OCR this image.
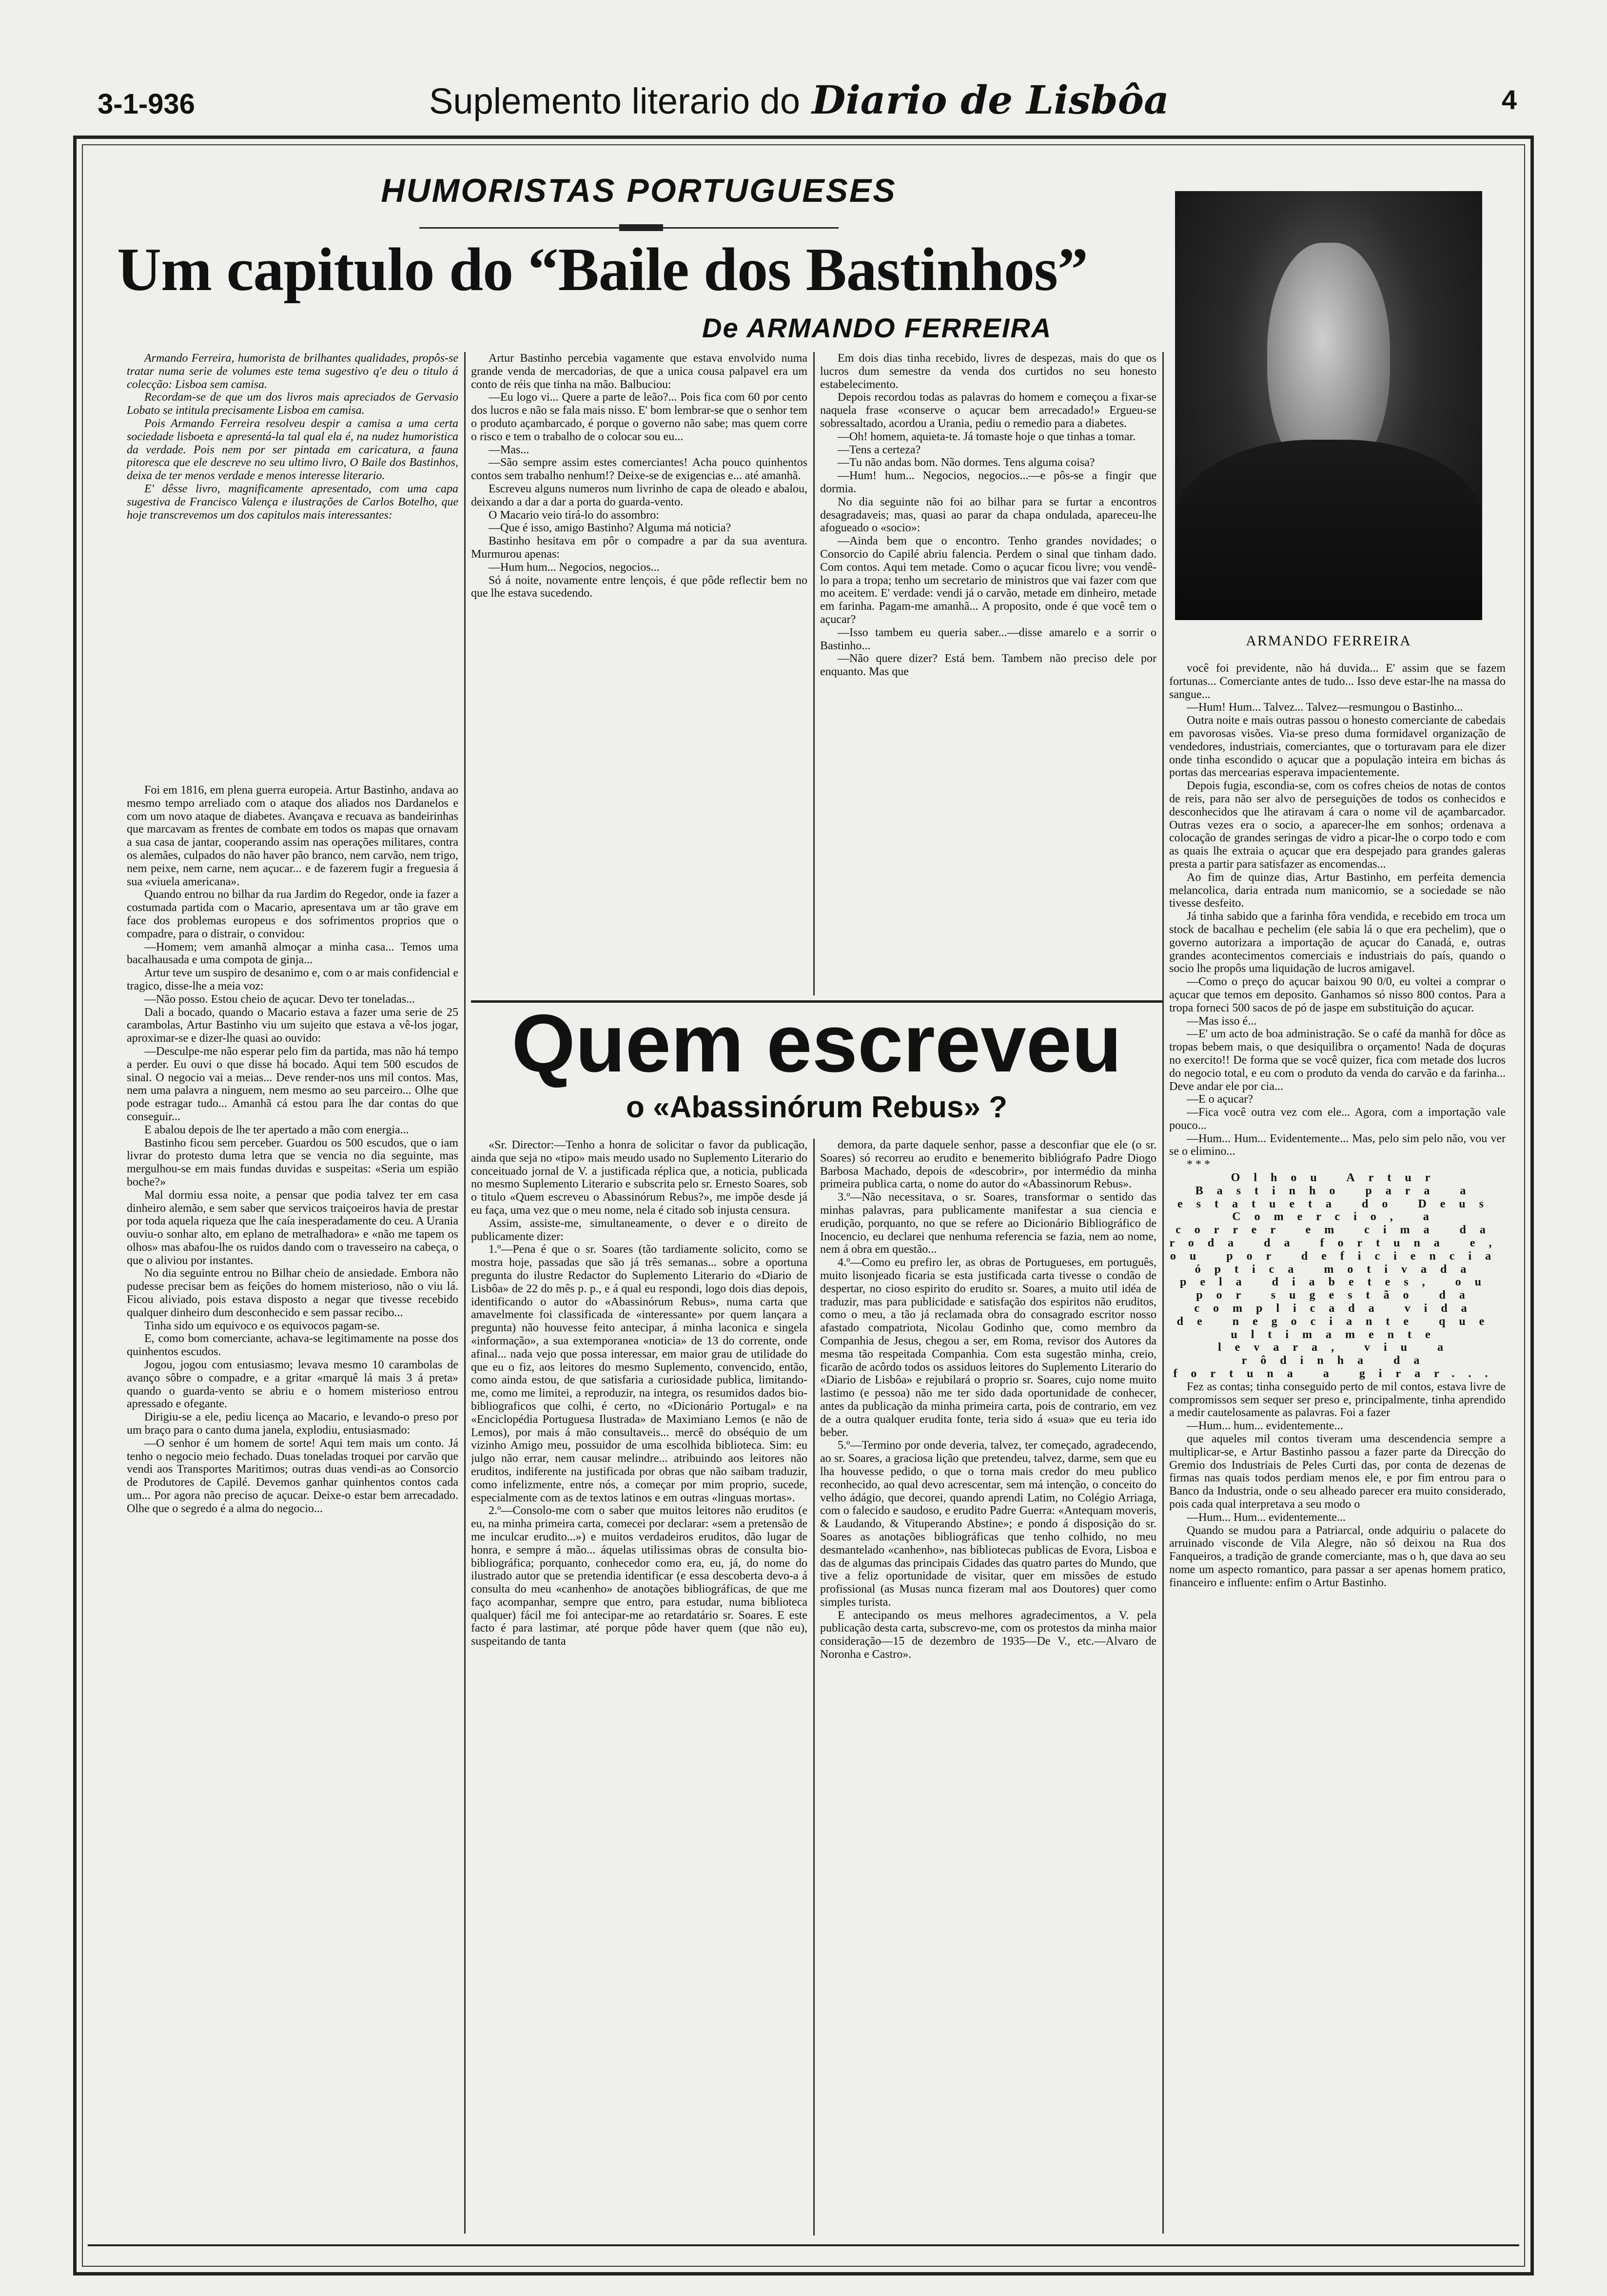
3-1-936	Suplemento literario do Diario de Lisbôa	4
HUMORISTAS PORTUGUESES
Um capitulo do “Baile dos Bastinhos”
De ARMANDO FERREIRA
ARMANDO FERREIRA

Armando Ferreira, humorista de brilhantes qualidades, propôs-se tratar numa serie de volumes este tema sugestivo q'e deu o titulo á colecção: Lisboa sem camisa.

Recordam-se de que um dos livros mais apreciados de Gervasio Lobato se intitula precisamente Lisboa em camisa.

Pois Armando Ferreira resolveu despir a camisa a uma certa sociedade lisboeta e apresentá-la tal qual ela é, na nudez humoristica da verdade. Pois nem por ser pintada em caricatura, a fauna pitoresca que ele descreve no seu ultimo livro, O Baile dos Bastinhos, deixa de ter menos verdade e menos interesse literario.

E' dêsse livro, magnificamente apresentado, com uma capa sugestiva de Francisco Valença e ilustrações de Carlos Botelho, que hoje transcrevemos um dos capitulos mais interessantes:

Foi em 1816, em plena guerra europeia. Artur Bastinho, andava ao mesmo tempo arreliado com o ataque dos aliados nos Dardanelos e com um novo ataque de diabetes. Avançava e recuava as bandeirinhas que marcavam as frentes de combate em todos os mapas que ornavam a sua casa de jantar, cooperando assim nas operações militares, contra os alemães, culpados do não haver pão branco, nem carvão, nem trigo, nem peixe, nem carne, nem açucar... e de fazerem fugir a freguesia á sua «viuela americana».

Quando entrou no bilhar da rua Jardim do Regedor, onde ia fazer a costumada partida com o Macario, apresentava um ar tão grave em face dos problemas europeus e dos sofrimentos proprios que o compadre, para o distrair, o convidou:

—Homem; vem amanhã almoçar a minha casa... Temos uma bacalhausada e uma compota de ginja...

Artur teve um suspiro de desanimo e, com o ar mais confidencial e tragico, disse-lhe a meia voz:

—Não posso. Estou cheio de açucar. Devo ter toneladas...

Dali a bocado, quando o Macario estava a fazer uma serie de 25 carambolas, Artur Bastinho viu um sujeito que estava a vê-los jogar, aproximar-se e dizer-lhe quasi ao ouvido:

—Desculpe-me não esperar pelo fim da partida, mas não há tempo a perder. Eu ouvi o que disse há bocado. Aqui tem 500 escudos de sinal. O negocio vai a meias... Deve render-nos uns mil contos. Mas, nem uma palavra a ninguem, nem mesmo ao seu parceiro... Olhe que pode estragar tudo... Amanhã cá estou para lhe dar contas do que conseguir...

E abalou depois de lhe ter apertado a mão com energia...

Bastinho ficou sem perceber. Guardou os 500 escudos, que o iam livrar do protesto duma letra que se vencia no dia seguinte, mas mergulhou-se em mais fundas duvidas e suspeitas: «Seria um espião boche?»

Mal dormiu essa noite, a pensar que podia talvez ter em casa dinheiro alemão, e sem saber que servicos traiçoeiros havia de prestar por toda aquela riqueza que lhe caía inesperadamente do ceu. A Urania ouviu-o sonhar alto, em eplano de metralhadora» e «não me tapem os olhos» mas abafou-lhe os ruidos dando com o travesseiro na cabeça, o que o aliviou por instantes.

No dia seguinte entrou no Bilhar cheio de ansiedade. Embora não pudesse precisar bem as feições do homem misterioso, não o viu lá. Ficou aliviado, pois estava disposto a negar que tivesse recebido qualquer dinheiro dum desconhecido e sem passar recibo...

Tinha sido um equivoco e os equivocos pagam-se.

E, como bom comerciante, achava-se legitimamente na posse dos quinhentos escudos.

Jogou, jogou com entusiasmo; levava mesmo 10 carambolas de avanço sôbre o compadre, e a gritar «marquê lá mais 3 á preta» quando o guarda-vento se abriu e o homem misterioso entrou apressado e ofegante.

Dirigiu-se a ele, pediu licença ao Macario, e levando-o preso por um braço para o canto duma janela, explodiu, entusiasmado:

—O senhor é um homem de sorte! Aqui tem mais um conto. Já tenho o negocio meio fechado. Duas toneladas troquei por carvão que vendi aos Transportes Maritimos; outras duas vendi-as ao Consorcio de Produtores de Capilé. Devemos ganhar quinhentos contos cada um... Por agora não preciso de açucar. Deixe-o estar bem arrecadado. Olhe que o segredo é a alma do negocio...

Artur Bastinho percebia vagamente que estava envolvido numa grande venda de mercadorias, de que a unica cousa palpavel era um conto de réis que tinha na mão. Balbuciou:

—Eu logo vi... Quere a parte de leão?... Pois fica com 60 por cento dos lucros e não se fala mais nisso. E' bom lembrar-se que o senhor tem o produto açambarcado, é porque o governo não sabe; mas quem corre o risco e tem o trabalho de o colocar sou eu...

—Mas...

—São sempre assim estes comerciantes! Acha pouco quinhentos contos sem trabalho nenhum!? Deixe-se de exigencias e... até amanhã.

Escreveu alguns numeros num livrinho de capa de oleado e abalou, deixando a dar a dar a porta do guarda-vento.

O Macario veio tirá-lo do assombro:

—Que é isso, amigo Bastinho? Alguma má noticia?

Bastinho hesitava em pôr o compadre a par da sua aventura. Murmurou apenas:

—Hum hum... Negocios, negocios...

Só á noite, novamente entre lençois, é que pôde reflectir bem no que lhe estava sucedendo.

Em dois dias tinha recebido, livres de despezas, mais do que os lucros dum semestre da venda dos curtidos no seu honesto estabelecimento.

Depois recordou todas as palavras do homem e começou a fixar-se naquela frase «conserve o açucar bem arrecadado!» Ergueu-se sobressaltado, acordou a Urania, pediu o remedio para a diabetes.

—Oh! homem, aquieta-te. Já tomaste hoje o que tinhas a tomar.

—Tens a certeza?

—Tu não andas bom. Não dormes. Tens alguma coisa?

—Hum! hum... Negocios, negocios...—e pôs-se a fingir que dormia.

No dia seguinte não foi ao bilhar para se furtar a encontros desagradaveis; mas, quasi ao parar da chapa ondulada, apareceu-lhe afogueado o «socio»:

—Ainda bem que o encontro. Tenho grandes novidades; o Consorcio do Capilé abriu falencia. Perdem o sinal que tinham dado. Com contos. Aqui tem metade. Como o açucar ficou livre; vou vendê-lo para a tropa; tenho um secretario de ministros que vai fazer com que mo aceitem. E' verdade: vendi já o carvão, metade em dinheiro, metade em farinha. Pagam-me amanhã... A proposito, onde é que você tem o açucar?

—Isso tambem eu queria saber...—disse amarelo e a sorrir o Bastinho...

—Não quere dizer? Está bem. Tambem não preciso dele por enquanto. Mas que	você foi previdente, não há duvida... E' assim que se fazem fortunas... Comerciante antes de tudo... Isso deve estar-lhe na massa do sangue...

—Hum! Hum... Talvez... Talvez—resmungou o Bastinho...

Outra noite e mais outras passou o honesto comerciante de cabedais em pavorosas visões. Via-se preso duma formidavel organização de vendedores, industriais, comerciantes, que o torturavam para ele dizer onde tinha escondido o açucar que a população inteira em bichas ás portas das mercearias esperava impacientemente.

Depois fugia, escondia-se, com os cofres cheios de notas de contos de reis, para não ser alvo de perseguições de todos os conhecidos e desconhecidos que lhe atiravam á cara o nome vil de açambarcador. Outras vezes era o socio, a aparecer-lhe em sonhos; ordenava a colocação de grandes seringas de vidro a picar-lhe o corpo todo e com as quais lhe extraia o açucar que era despejado para grandes galeras presta a partir para satisfazer as encomendas...

Ao fim de quinze dias, Artur Bastinho, em perfeita demencia melancolica, daria entrada num manicomio, se a sociedade se não tivesse desfeito.

Já tinha sabido que a farinha fôra vendida, e recebido em troca um stock de bacalhau e pechelim (ele sabia lá o que era pechelim), que o governo autorizara a importação de açucar do Canadá, e, outras grandes acontecimentos comerciais e industriais do país, quando o socio lhe propôs uma liquidação de lucros amigavel.

—Como o preço do açucar baixou 90 0/0, eu voltei a comprar o açucar que temos em deposito. Ganhamos só nisso 800 contos. Para a tropa forneci 500 sacos de pó de jaspe em substituição do açucar.

—Mas isso é...

—E' um acto de boa administração. Se o café da manhã for dôce as tropas bebem mais, o que desiquilibra o orçamento! Nada de doçuras no exercito!! De forma que se você quizer, fica com metade dos lucros do negocio total, e eu com o produto da venda do carvão e da farinha... Deve andar ele por cia...

—E o açucar?

—Fica você outra vez com ele... Agora, com a importação vale pouco...

—Hum... Hum... Evidentemente... Mas, pelo sim pelo não, vou ver se o elimino...

* * *

Olhou Artur Bastinho para a estatueta do Deus Comercio, a correr em cima da roda da fortuna e, ou por deficiencia óptica motivada pela diabetes, ou por sugestão da complicada vida de negociante que ultimamente levara, viu a rôdinha da fortuna a girar...

Fez as contas; tinha conseguido perto de mil contos, estava livre de compromissos sem sequer ser preso e, principalmente, tinha aprendido a medir cautelosamente as palavras. Foi a fazer

—Hum... hum... evidentemente...

que aqueles mil contos tiveram uma descendencia sempre a multiplicar-se, e Artur Bastinho passou a fazer parte da Direcção do Gremio dos Industriais de Peles Curti das, por conta de dezenas de firmas nas quais todos perdiam menos ele, e por fim entrou para o Banco da Industria, onde o seu alheado parecer era muito considerado, pois cada qual interpretava a seu modo o

—Hum... Hum... evidentemente...

Quando se mudou para a Patriarcal, onde adquiriu o palacete do arruinado visconde de Vila Alegre, não só deixou na Rua dos Fanqueiros, a tradição de grande comerciante, mas o h, que dava ao seu nome um aspecto romantico, para passar a ser apenas homem pratico, financeiro e influente: enfim o Artur Bastinho.

Quem escreveu
o «Abassinórum Rebus» ?

«Sr. Director:—Tenho a honra de solicitar o favor da publicação, ainda que seja no «tipo» mais meudo usado no Suplemento Literario do conceituado jornal de V. a justificada réplica que, a noticia, publicada no mesmo Suplemento Literario e subscrita pelo sr. Ernesto Soares, sob o titulo «Quem escreveu o Abassinórum Rebus?», me impõe desde já eu faça, uma vez que o meu nome, nela é citado sob injusta censura.

Assim, assiste-me, simultaneamente, o dever e o direito de publicamente dizer:

1.º—Pena é que o sr. Soares (tão tardiamente solicito, como se mostra hoje, passadas que são já três semanas... sobre a oportuna pregunta do ilustre Redactor do Suplemento Literario do «Diario de Lisbôa» de 22 do mês p. p., e á qual eu respondi, logo dois dias depois, identificando o autor do «Abassinórum Rebus», numa carta que amavelmente foi classificada de «interessante» por quem lançara a pregunta) não houvesse feito antecipar, á minha laconica e singela «informação», a sua extemporanea «noticia» de 13 do corrente, onde afinal... nada vejo que possa interessar, em maior grau de utilidade do que eu o fiz, aos leitores do mesmo Suplemento, convencido, então, como ainda estou, de que satisfaria a curiosidade publica, limitando-me, como me limitei, a reproduzir, na integra, os resumidos dados bio-bibliograficos que colhi, é certo, no «Dicionário Portugal» e na «Enciclopédia Portuguesa Ilustrada» de Maximiano Lemos (e não de Lemos), por mais á mão consultaveis... mercê do obséquio de um vizinho Amigo meu, possuidor de uma escolhida biblioteca. Sim: eu julgo não errar, nem causar melindre... atribuindo aos leitores não eruditos, indiferente na justificada por obras que não saibam traduzir, como infelizmente, entre nós, a começar por mim proprio, sucede, especialmente com as de textos latinos e em outras «linguas mortas».

2.º—Consolo-me com o saber que muitos leitores não eruditos (e eu, na minha primeira carta, comecei por declarar: «sem a pretensão de me inculcar erudito...») e muitos verdadeiros eruditos, dão lugar de honra, e sempre á mão... áquelas utilissimas obras de consulta bio-bibliográfica; porquanto, conhecedor como era, eu, já, do nome do ilustrado autor que se pretendia identificar (e essa descoberta devo-a á consulta do meu «canhenho» de anotações bibliográficas, de que me faço acompanhar, sempre que entro, para estudar, numa biblioteca qualquer) fácil me foi antecipar-me ao retardatário sr. Soares. E este facto é para lastimar, até porque pôde haver quem (que não eu), suspeitando de tanta

demora, da parte daquele senhor, passe a desconfiar que ele (o sr. Soares) só recorreu ao erudito e benemerito bibliógrafo Padre Diogo Barbosa Machado, depois de «descobrir», por intermédio da minha primeira publica carta, o nome do autor do «Abassinorum Rebus».

3.º—Não necessitava, o sr. Soares, transformar o sentido das minhas palavras, para publicamente manifestar a sua ciencia e erudição, porquanto, no que se refere ao Dicionário Bibliográfico de Inocencio, eu declarei que nenhuma referencia se fazia, nem ao nome, nem á obra em questão...

4.º—Como eu prefiro ler, as obras de Portugueses, em português, muito lisonjeado ficaria se esta justificada carta tivesse o condão de despertar, no cioso espirito do erudito sr. Soares, a muito util idéa de traduzir, mas para publicidade e satisfação dos espiritos não eruditos, como o meu, a tão já reclamada obra do consagrado escritor nosso afastado compatriota, Nicolau Godinho que, como membro da Companhia de Jesus, chegou a ser, em Roma, revisor dos Autores da mesma tão respeitada Companhia. Com esta sugestão minha, creio, ficarão de acôrdo todos os assiduos leitores do Suplemento Literario do «Diario de Lisbôa» e rejubilará o proprio sr. Soares, cujo nome muito lastimo (e pessoa) não me ter sido dada oportunidade de conhecer, antes da publicação da minha primeira carta, pois de contrario, em vez de a outra qualquer erudita fonte, teria sido á «sua» que eu teria ido beber.

5.º—Termino por onde deveria, talvez, ter começado, agradecendo, ao sr. Soares, a graciosa lição que pretendeu, talvez, darme, sem que eu lha houvesse pedido, o que o torna mais credor do meu publico reconhecido, ao qual devo acrescentar, sem má intenção, o conceito do velho ádágio, que decorei, quando aprendi Latim, no Colégio Arriaga, com o falecido e saudoso, e erudito Padre Guerra: «Antequam moveris, & Laudando, & Vituperando Abstine»; e pondo á disposição do sr. Soares as anotações bibliográficas que tenho colhido, no meu desmantelado «canhenho», nas bibliotecas publicas de Evora, Lisboa e das de algumas das principais Cidades das quatro partes do Mundo, que tive a feliz oportunidade de visitar, quer em missões de estudo profissional (as Musas nunca fizeram mal aos Doutores) quer como simples turista.

E antecipando os meus melhores agradecimentos, a V. pela publicação desta carta, subscrevo-me, com os protestos da minha maior consideração—15 de dezembro de 1935—De V., etc.—Alvaro de Noronha e Castro».
